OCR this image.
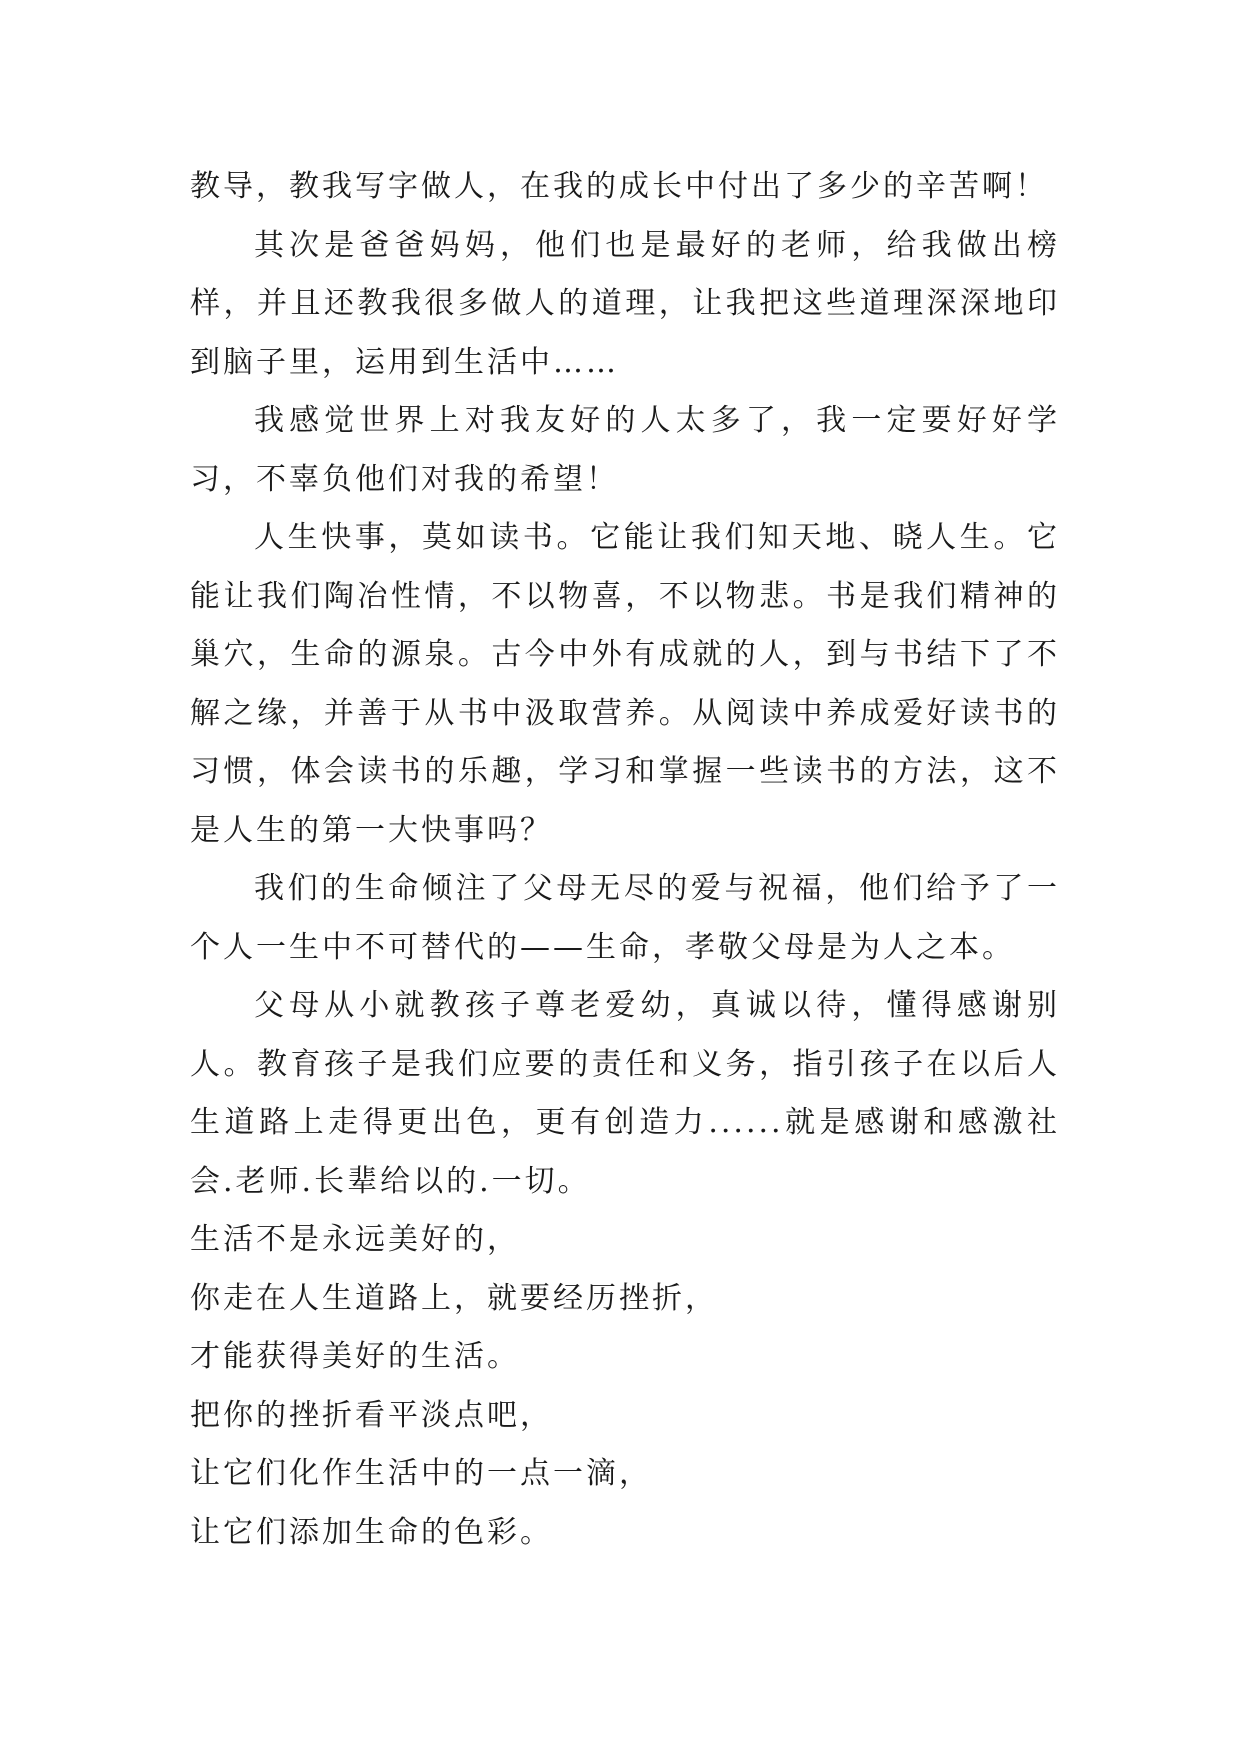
教导，教我写字做人，在我的成长中付出了多少的辛苦啊！

其次是爸爸妈妈，他们也是最好的老师，给我做出榜样，并且还教我很多做人的道理，让我把这些道理深深地印到脑子里，运用到生活中……

我感觉世界上对我友好的人太多了，我一定要好好学习，不辜负他们对我的希望！

人生快事，莫如读书。它能让我们知天地、晓人生。它能让我们陶冶性情，不以物喜，不以物悲。书是我们精神的巢穴，生命的源泉。古今中外有成就的人，到与书结下了不解之缘，并善于从书中汲取营养。从阅读中养成爱好读书的习惯，体会读书的乐趣，学习和掌握一些读书的方法，这不是人生的第一大快事吗？

我们的生命倾注了父母无尽的爱与祝福，他们给予了一个人一生中不可替代的——生命，孝敬父母是为人之本。

父母从小就教孩子尊老爱幼，真诚以待，懂得感谢别人。教育孩子是我们应要的责任和义务，指引孩子在以后人生道路上走得更出色，更有创造力......就是感谢和感激社会.老师.长辈给以的.一切。

生活不是永远美好的，

你走在人生道路上，就要经历挫折，

才能获得美好的生活。

把你的挫折看平淡点吧，

让它们化作生活中的一点一滴，

让它们添加生命的色彩。
